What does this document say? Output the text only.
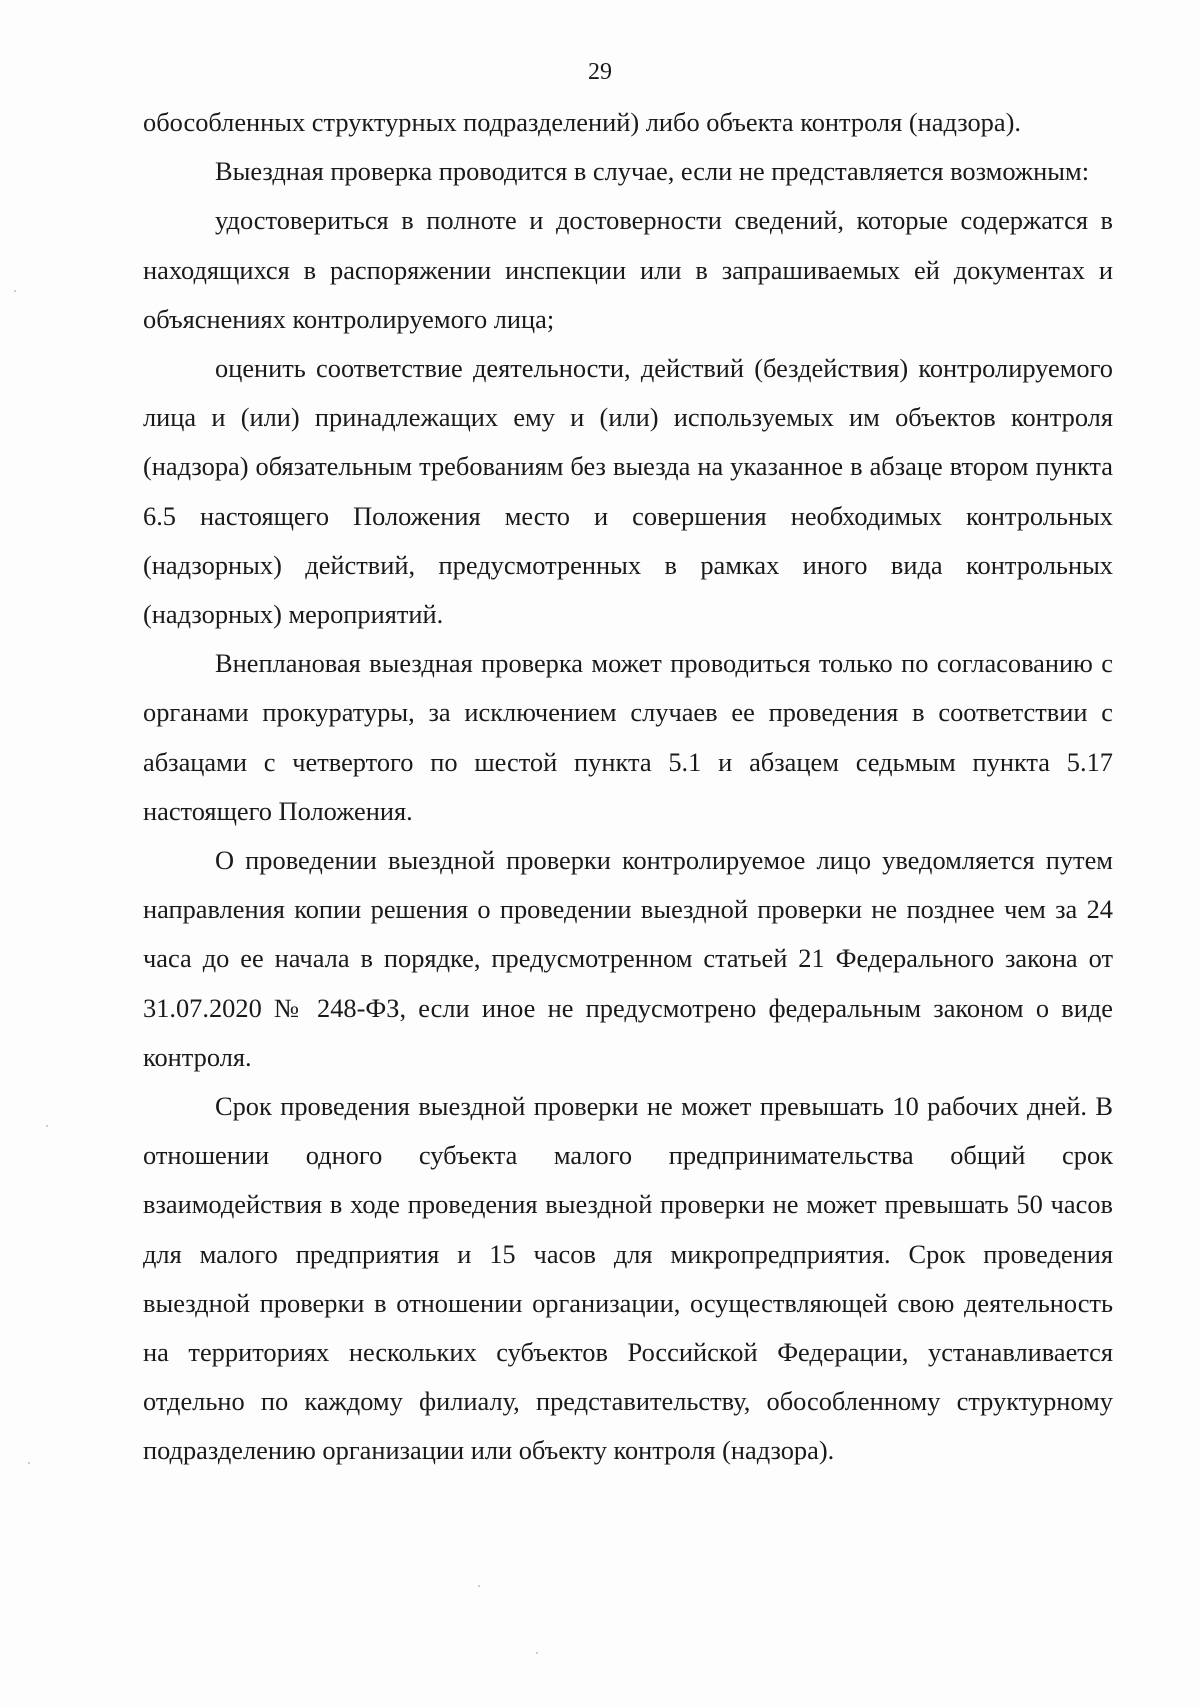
29

обособленных структурных подразделений) либо объекта контроля (надзора).

Выездная проверка проводится в случае, если не представляется возможным:

удостовериться в полноте и достоверности сведений, которые содержатся в находящихся в распоряжении инспекции или в запрашиваемых ей документах и объяснениях контролируемого лица;

оценить соответствие деятельности, действий (бездействия) контролируемого лица и (или) принадлежащих ему и (или) используемых им объектов контроля (надзора) обязательным требованиям без выезда на указанное в абзаце втором пункта 6.5 настоящего Положения место и совершения необходимых контрольных (надзорных) действий, предусмотренных в рамках иного вида контрольных (надзорных) мероприятий.

Внеплановая выездная проверка может проводиться только по согласованию с органами прокуратуры, за исключением случаев ее проведения в соответствии с абзацами с четвертого по шестой пункта 5.1 и абзацем седьмым пункта 5.17 настоящего Положения.

О проведении выездной проверки контролируемое лицо уведомляется путем направления копии решения о проведении выездной проверки не позднее чем за 24 часа до ее начала в порядке, предусмотренном статьей 21 Федерального закона от 31.07.2020 № 248-ФЗ, если иное не предусмотрено федеральным законом о виде контроля.

Срок проведения выездной проверки не может превышать 10 рабочих дней. В отношении одного субъекта малого предпринимательства общий срок взаимодействия в ходе проведения выездной проверки не может превышать 50 часов для малого предприятия и 15 часов для микропредприятия. Срок проведения выездной проверки в отношении организации, осуществляющей свою деятельность на территориях нескольких субъектов Российской Федерации, устанавливается отдельно по каждому филиалу, представительству, обособленному структурному подразделению организации или объекту контроля (надзора).
